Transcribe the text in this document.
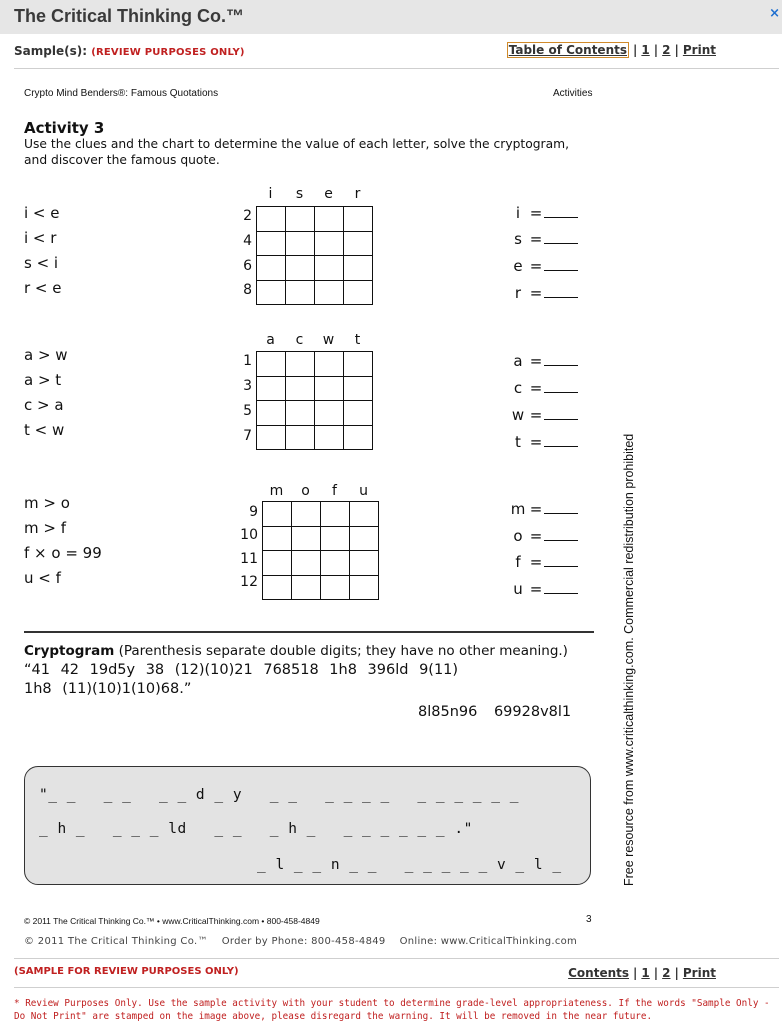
The Critical Thinking Co.™	×
Sample(s): (REVIEW PURPOSES ONLY)	Table of Contents | 1 | 2 | Print
Crypto Mind Benders®: Famous Quotations	Activities
Activity 3
Use the clues and the chart to determine the value of each letter, solve the cryptogram, and discover the famous quote.
i < e
i < r
s < i
r < e
i	s	e	r
2
4
6
8

i =
s =
e =
r =
a > w
a > t
c > a
t < w
a	c	w	t
1
3
5
7

a =
c =
w =
t =
m > o
m > f
f × o = 99
u < f
m	o	f	u
9
10
11
12

m =
o =
f =
u =	Free resource from www.criticalthinking.com. Commercial redistribution prohibited
Cryptogram (Parenthesis separate double digits; they have no other meaning.)
“41 42 19d5y 38 (12)(10)21 768518 1h8 396ld 9(11)
1h8 (11)(10)1(10)68.”
8l85n96 69928v8l1
"_ _   _ _   _ _ d _ y   _ _   _ _ _ _   _ _ _ _ _ _
_ h _   _ _ _ ld   _ _   _ h _   _ _ _ _ _ _ ."
_ l _ _ n _ _   _ _ _ _ _ v _ l _
© 2011 The Critical Thinking Co.™ • www.CriticalThinking.com • 800-458-4849	3
© 2011 The Critical Thinking Co.™ Order by Phone: 800-458-4849 Online: www.CriticalThinking.com
(SAMPLE FOR REVIEW PURPOSES ONLY)	Contents | 1 | 2 | Print
* Review Purposes Only. Use the sample activity with your student to determine grade-level appropriateness. If the words "Sample Only - Do Not Print" are stamped on the image above, please disregard the warning. It will be removed in the near future.
